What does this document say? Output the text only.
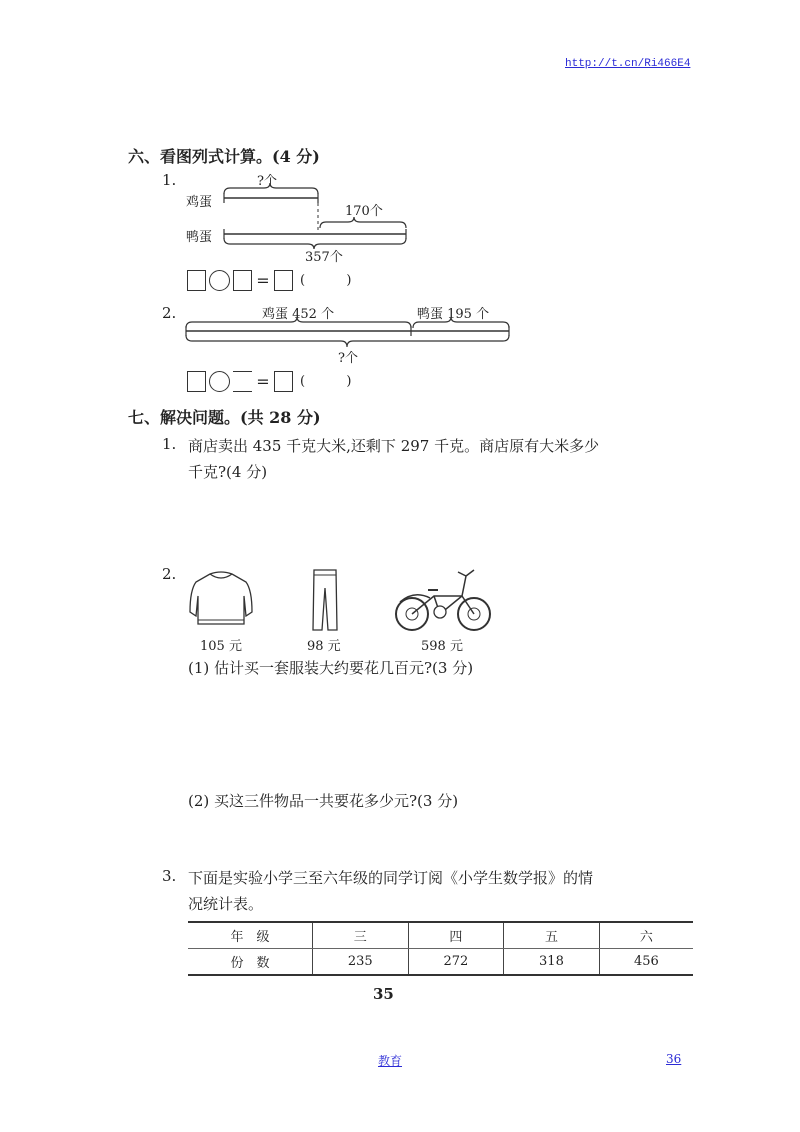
http://t.cn/Ri466E4
六、看图列式计算。(4 分)
1.
鸡蛋
鸭蛋
?个
170个
357个
= (          )
2.	鸡蛋 452 个	鸭蛋 195 个
?个
= (          )
七、解决问题。(共 28 分)
1. 商店卖出 435 千克大米,还剩下 297 千克。商店原有大米多少
千克?(4 分)
2.
105 元	98 元	598 元
(1) 估计买一套服装大约要花几百元?(3 分)
(2) 买这三件物品一共要花多少元?(3 分)
3. 下面是实验小学三至六年级的同学订阅《小学生数学报》的情
况统计表。
年　级	三	四	五	六
份　数	235	272	318	456
35
教育	36
